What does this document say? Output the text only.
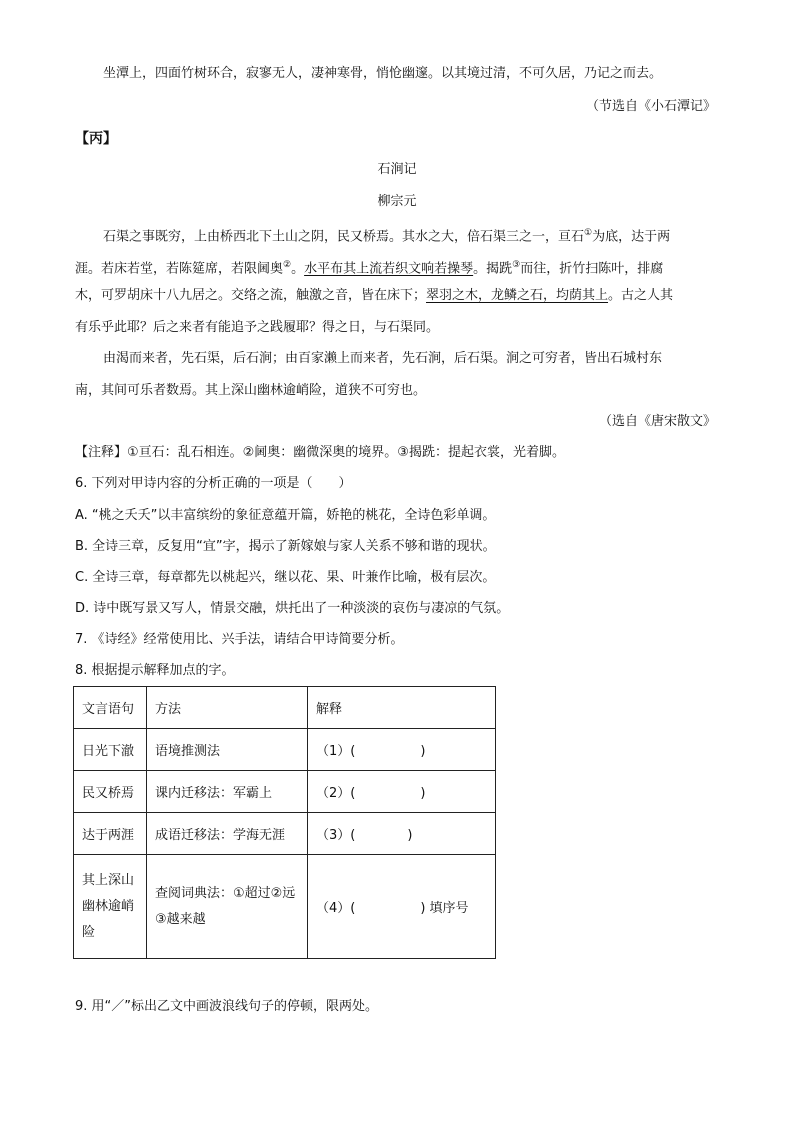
坐潭上，四面竹树环合，寂寥无人，凄神寒骨，悄怆幽邃。以其境过清，不可久居，乃记之而去。
（节选自《小石潭记》
【丙】
石涧记
柳宗元
石渠之事既穷，上由桥西北下土山之阴，民又桥焉。其水之大，倍石渠三之一，亘石①为底，达于两
涯。若床若堂，若陈筵席，若限阃奥②。水平布其上流若织文响若操琴。揭跣③而往，折竹扫陈叶，排腐
木，可罗胡床十八九居之。交络之流，触激之音，皆在床下；翠羽之木，龙鳞之石，均荫其上。古之人其
有乐乎此耶？后之来者有能追予之践履耶？得之日，与石渠同。
由渴而来者，先石渠，后石涧；由百家濑上而来者，先石涧，后石渠。涧之可穷者，皆出石城村东
南，其间可乐者数焉。其上深山幽林逾峭险，道狭不可穷也。
（选自《唐宋散文》
【注释】①亘石：乱石相连。②阃奥：幽微深奥的境界。③揭跣：提起衣裳，光着脚。
6. 下列对甲诗内容的分析正确的一项是（　　）
A. “桃之夭夭”以丰富缤纷的象征意蕴开篇，娇艳的桃花，全诗色彩单调。
B. 全诗三章，反复用“宜”字，揭示了新嫁娘与家人关系不够和谐的现状。
C. 全诗三章，每章都先以桃起兴，继以花、果、叶兼作比喻，极有层次。
D. 诗中既写景又写人，情景交融，烘托出了一种淡淡的哀伤与凄凉的气氛。
7. 《诗经》经常使用比、兴手法，请结合甲诗简要分析。
8. 根据提示解释加点的字。
文言语句	方法	解释
日光下澈	语境推测法	（1）(　　　　　)
民又桥焉	课内迁移法：军霸上	（2）(　　　　　)
达于两涯	成语迁移法：学海无涯	（3）(　　　　)
其上深山幽林逾峭险	查阅词典法：①超过②远③越来越	（4）(　　　　　) 填序号
9. 用“／”标出乙文中画波浪线句子的停顿，限两处。
